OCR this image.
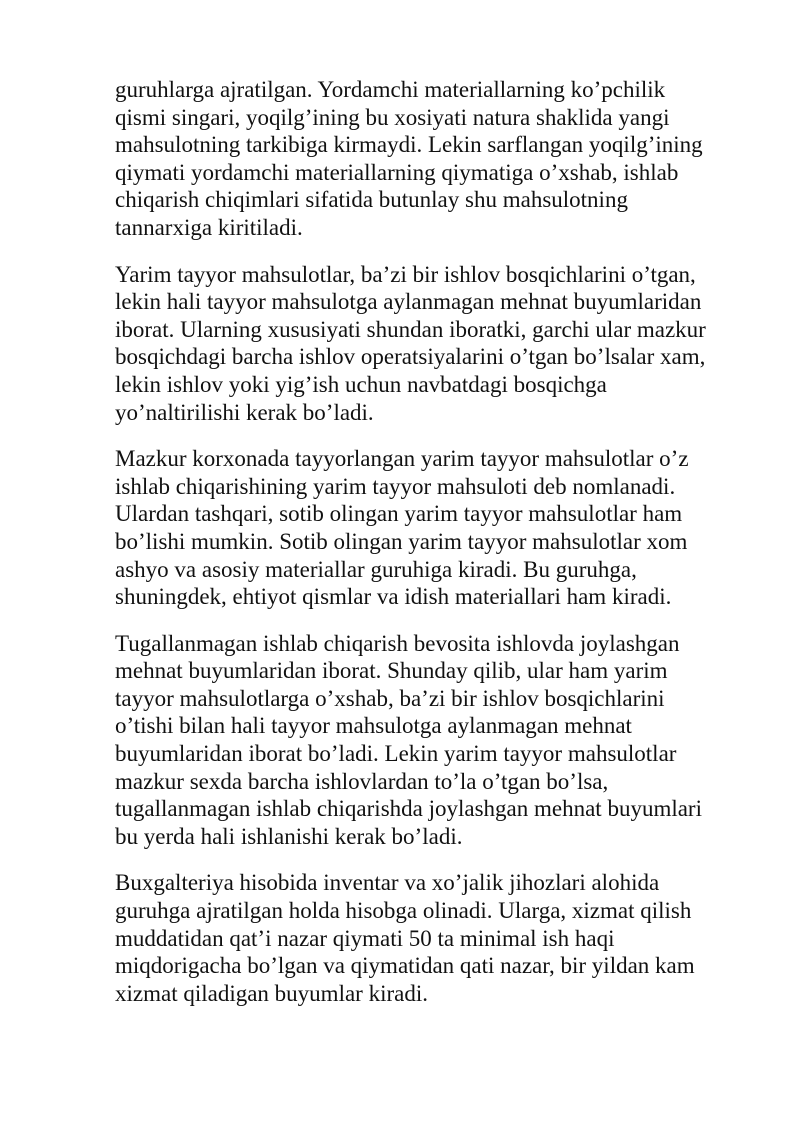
guruhlarga ajratilgan. Yordamchi materiallarning ko’pchilik
qismi singari, yoqilg’ining bu xosiyati natura shaklida yangi
mahsulotning tarkibiga kirmaydi. Lekin sarflangan yoqilg’ining
qiymati yordamchi materiallarning qiymatiga o’xshab, ishlab
chiqarish chiqimlari sifatida butunlay shu mahsulotning
tannarxiga kiritiladi.

Yarim tayyor mahsulotlar, ba’zi bir ishlov bosqichlarini o’tgan,
lekin hali tayyor mahsulotga aylanmagan mehnat buyumlaridan
iborat. Ularning xususiyati shundan iboratki, garchi ular mazkur
bosqichdagi barcha ishlov operatsiyalarini o’tgan bo’lsalar xam,
lekin ishlov yoki yig’ish uchun navbatdagi bosqichga
yo’naltirilishi kerak bo’ladi.

Mazkur korxonada tayyorlangan yarim tayyor mahsulotlar o’z
ishlab chiqarishining yarim tayyor mahsuloti deb nomlanadi.
Ulardan tashqari, sotib olingan yarim tayyor mahsulotlar ham
bo’lishi mumkin. Sotib olingan yarim tayyor mahsulotlar xom
ashyo va asosiy materiallar guruhiga kiradi. Bu guruhga,
shuningdek, ehtiyot qismlar va idish materiallari ham kiradi.

Tugallanmagan ishlab chiqarish bevosita ishlovda joylashgan
mehnat buyumlaridan iborat. Shunday qilib, ular ham yarim
tayyor mahsulotlarga o’xshab, ba’zi bir ishlov bosqichlarini
o’tishi bilan hali tayyor mahsulotga aylanmagan mehnat
buyumlaridan iborat bo’ladi. Lekin yarim tayyor mahsulotlar
mazkur sexda barcha ishlovlardan to’la o’tgan bo’lsa,
tugallanmagan ishlab chiqarishda joylashgan mehnat buyumlari
bu yerda hali ishlanishi kerak bo’ladi.

Buxgalteriya hisobida inventar va xo’jalik jihozlari alohida
guruhga ajratilgan holda hisobga olinadi. Ularga, xizmat qilish
muddatidan qat’i nazar qiymati 50 ta minimal ish haqi
miqdorigacha bo’lgan va qiymatidan qati nazar, bir yildan kam
xizmat qiladigan buyumlar kiradi.
